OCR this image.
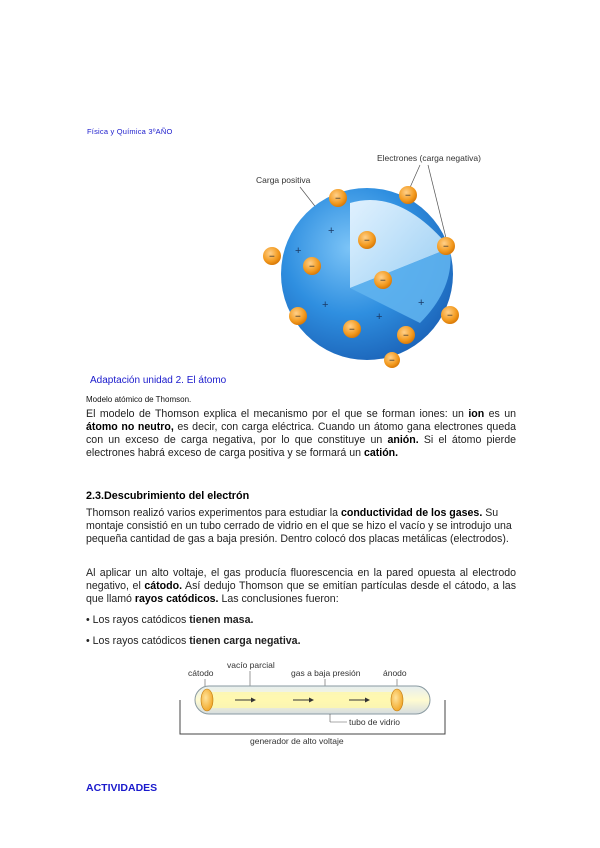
Física y Química 3ºAÑO
Electrones (carga negativa)
Carga positiva
+
+
+
+
+
−	−
−
−
−
−
−
−	−
−
−
−
Adaptación unidad 2. El átomo
Modelo atómico de Thomson.

El modelo de Thomson explica el mecanismo por el que se forman iones: un ion es un átomo no neutro, es decir, con carga eléctrica. Cuando un átomo gana electrones queda con un exceso de carga negativa, por lo que constituye un anión. Si el átomo pierde electrones habrá exceso de carga positiva y se formará un catión.

2.3.Descubrimiento del electrón

Thomson realizó varios experimentos para estudiar la conductividad de los gases. Su montaje consistió en un tubo cerrado de vidrio en el que se hizo el vacío y se introdujo una pequeña cantidad de gas a baja presión. Dentro colocó dos placas metálicas (electrodos).

Al aplicar un alto voltaje, el gas producía fluorescencia en la pared opuesta al electrodo negativo, el cátodo. Así dedujo Thomson que se emitían partículas desde el cátodo, a las que llamó rayos catódicos. Las conclusiones fueron:

• Los rayos catódicos tienen masa.
• Los rayos catódicos tienen carga negativa.
cátodo
vacío parcial
gas a baja presión	ánodo
tubo de vidrio
generador de alto voltaje
ACTIVIDADES
